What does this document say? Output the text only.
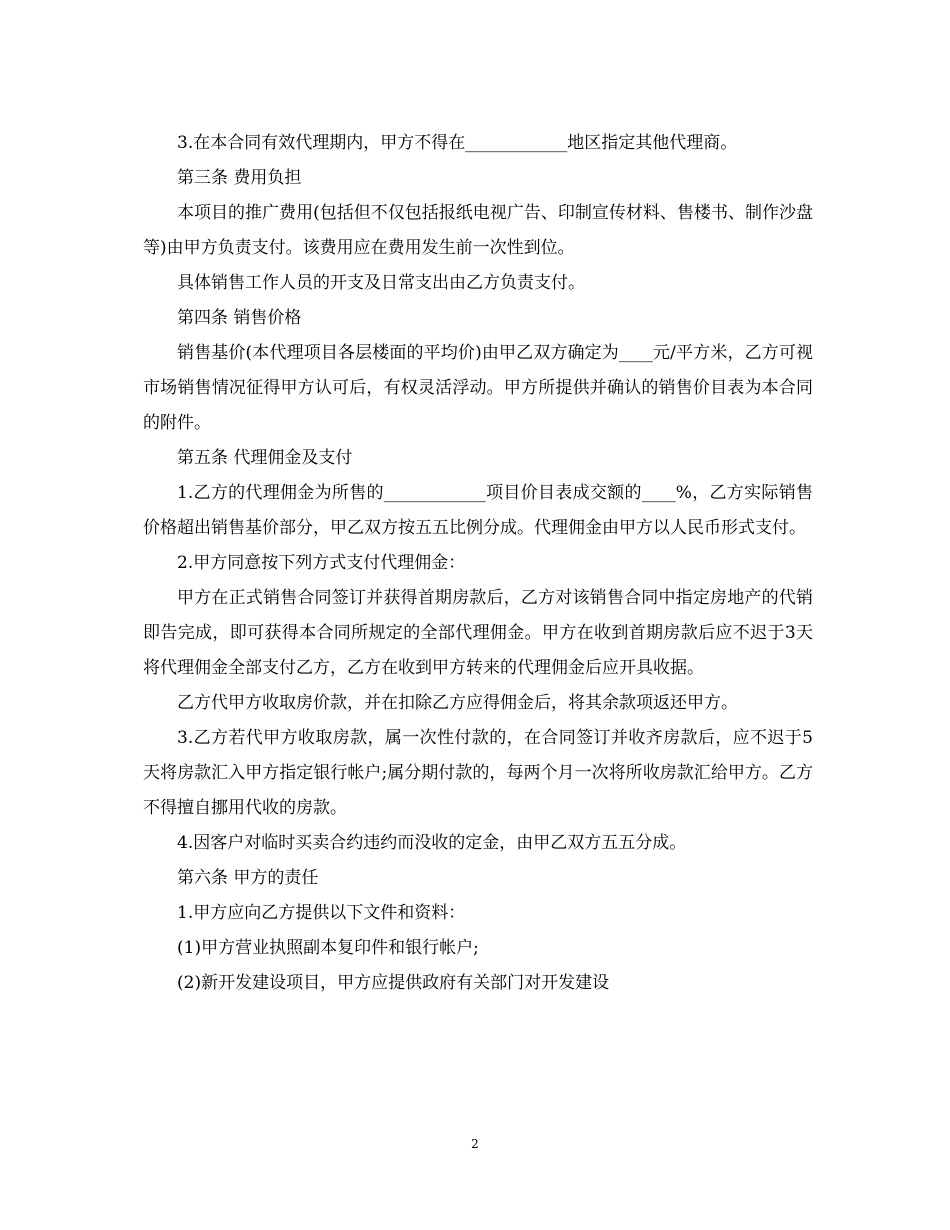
3.在本合同有效代理期内，甲方不得在____________地区指定其他代理商。

第三条 费用负担

本项目的推广费用(包括但不仅包括报纸电视广告、印制宣传材料、售楼书、制作沙盘等)由甲方负责支付。该费用应在费用发生前一次性到位。

具体销售工作人员的开支及日常支出由乙方负责支付。

第四条 销售价格

销售基价(本代理项目各层楼面的平均价)由甲乙双方确定为____元/平方米，乙方可视市场销售情况征得甲方认可后，有权灵活浮动。甲方所提供并确认的销售价目表为本合同的附件。

第五条 代理佣金及支付

1.乙方的代理佣金为所售的____________项目价目表成交额的____%，乙方实际销售价格超出销售基价部分，甲乙双方按五五比例分成。代理佣金由甲方以人民币形式支付。

2.甲方同意按下列方式支付代理佣金：

甲方在正式销售合同签订并获得首期房款后，乙方对该销售合同中指定房地产的代销即告完成，即可获得本合同所规定的全部代理佣金。甲方在收到首期房款后应不迟于3天将代理佣金全部支付乙方，乙方在收到甲方转来的代理佣金后应开具收据。

乙方代甲方收取房价款，并在扣除乙方应得佣金后，将其余款项返还甲方。

3.乙方若代甲方收取房款，属一次性付款的，在合同签订并收齐房款后，应不迟于5天将房款汇入甲方指定银行帐户;属分期付款的，每两个月一次将所收房款汇给甲方。乙方不得擅自挪用代收的房款。

4.因客户对临时买卖合约违约而没收的定金，由甲乙双方五五分成。

第六条 甲方的责任

1.甲方应向乙方提供以下文件和资料：

(1)甲方营业执照副本复印件和银行帐户;

(2)新开发建设项目，甲方应提供政府有关部门对开发建设

2
